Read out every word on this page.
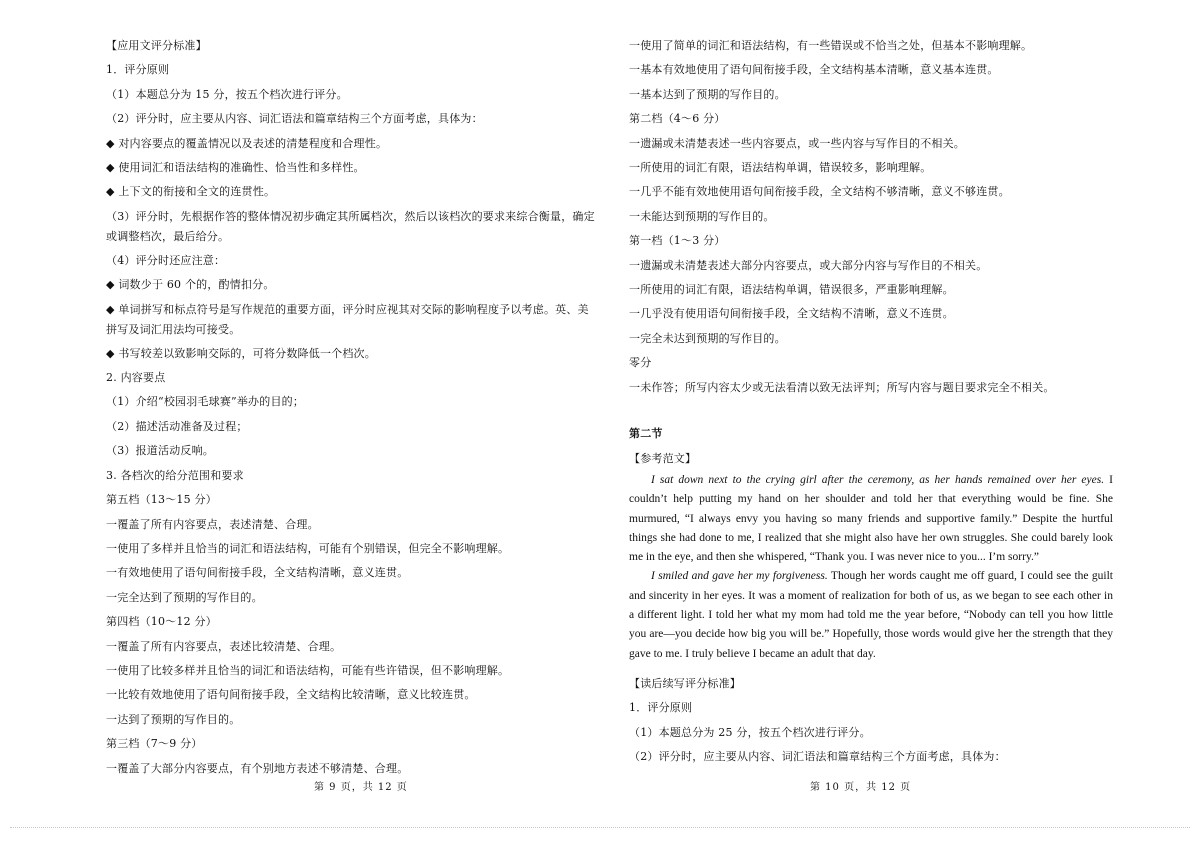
【应用文评分标准】
1．评分原则
（1）本题总分为 15 分，按五个档次进行评分。
（2）评分时，应主要从内容、词汇语法和篇章结构三个方面考虑，具体为：
◆ 对内容要点的覆盖情况以及表述的清楚程度和合理性。
◆ 使用词汇和语法结构的准确性、恰当性和多样性。
◆ 上下文的衔接和全文的连贯性。
（3）评分时，先根据作答的整体情况初步确定其所属档次，然后以该档次的要求来综合衡量，确定或调整档次，最后给分。
（4）评分时还应注意：
◆ 词数少于 60 个的，酌情扣分。
◆ 单词拼写和标点符号是写作规范的重要方面，评分时应视其对交际的影响程度予以考虑。英、美拼写及词汇用法均可接受。
◆ 书写较差以致影响交际的，可将分数降低一个档次。
2. 内容要点
（1）介绍“校园羽毛球赛”举办的目的；
（2）描述活动准备及过程；
（3）报道活动反响。
3. 各档次的给分范围和要求
第五档（13～15 分）
一覆盖了所有内容要点，表述清楚、合理。
一使用了多样并且恰当的词汇和语法结构，可能有个别错误，但完全不影响理解。
一有效地使用了语句间衔接手段，全文结构清晰，意义连贯。
一完全达到了预期的写作目的。
第四档（10～12 分）
一覆盖了所有内容要点，表述比较清楚、合理。
一使用了比较多样并且恰当的词汇和语法结构，可能有些许错误，但不影响理解。
一比较有效地使用了语句间衔接手段，全文结构比较清晰，意义比较连贯。
一达到了预期的写作目的。
第三档（7～9 分）
一覆盖了大部分内容要点，有个别地方表述不够清楚、合理。
一使用了简单的词汇和语法结构，有一些错误或不恰当之处，但基本不影响理解。
一基本有效地使用了语句间衔接手段，全文结构基本清晰，意义基本连贯。
一基本达到了预期的写作目的。
第二档（4～6 分）
一遗漏或未清楚表述一些内容要点，或一些内容与写作目的不相关。
一所使用的词汇有限，语法结构单调，错误较多，影响理解。
一几乎不能有效地使用语句间衔接手段，全文结构不够清晰，意义不够连贯。
一未能达到预期的写作目的。
第一档（1～3 分）
一遗漏或未清楚表述大部分内容要点，或大部分内容与写作目的不相关。
一所使用的词汇有限，语法结构单调，错误很多，严重影响理解。
一几乎没有使用语句间衔接手段，全文结构不清晰，意义不连贯。
一完全未达到预期的写作目的。
零分
一未作答；所写内容太少或无法看清以致无法评判；所写内容与题目要求完全不相关。
第二节
【参考范文】
I sat down next to the crying girl after the ceremony, as her hands remained over her eyes. I couldn’t help putting my hand on her shoulder and told her that everything would be fine. She murmured, “I always envy you having so many friends and supportive family.” Despite the hurtful things she had done to me, I realized that she might also have her own struggles. She could barely look me in the eye, and then she whispered, “Thank you. I was never nice to you... I’m sorry.”
I smiled and gave her my forgiveness. Though her words caught me off guard, I could see the guilt and sincerity in her eyes. It was a moment of realization for both of us, as we began to see each other in a different light. I told her what my mom had told me the year before, “Nobody can tell you how little you are—you decide how big you will be.” Hopefully, those words would give her the strength that they gave to me. I truly believe I became an adult that day.
【读后续写评分标准】
1．评分原则
（1）本题总分为 25 分，按五个档次进行评分。
（2）评分时，应主要从内容、词汇语法和篇章结构三个方面考虑，具体为：
第 9 页，共 12 页	第 10 页，共 12 页
